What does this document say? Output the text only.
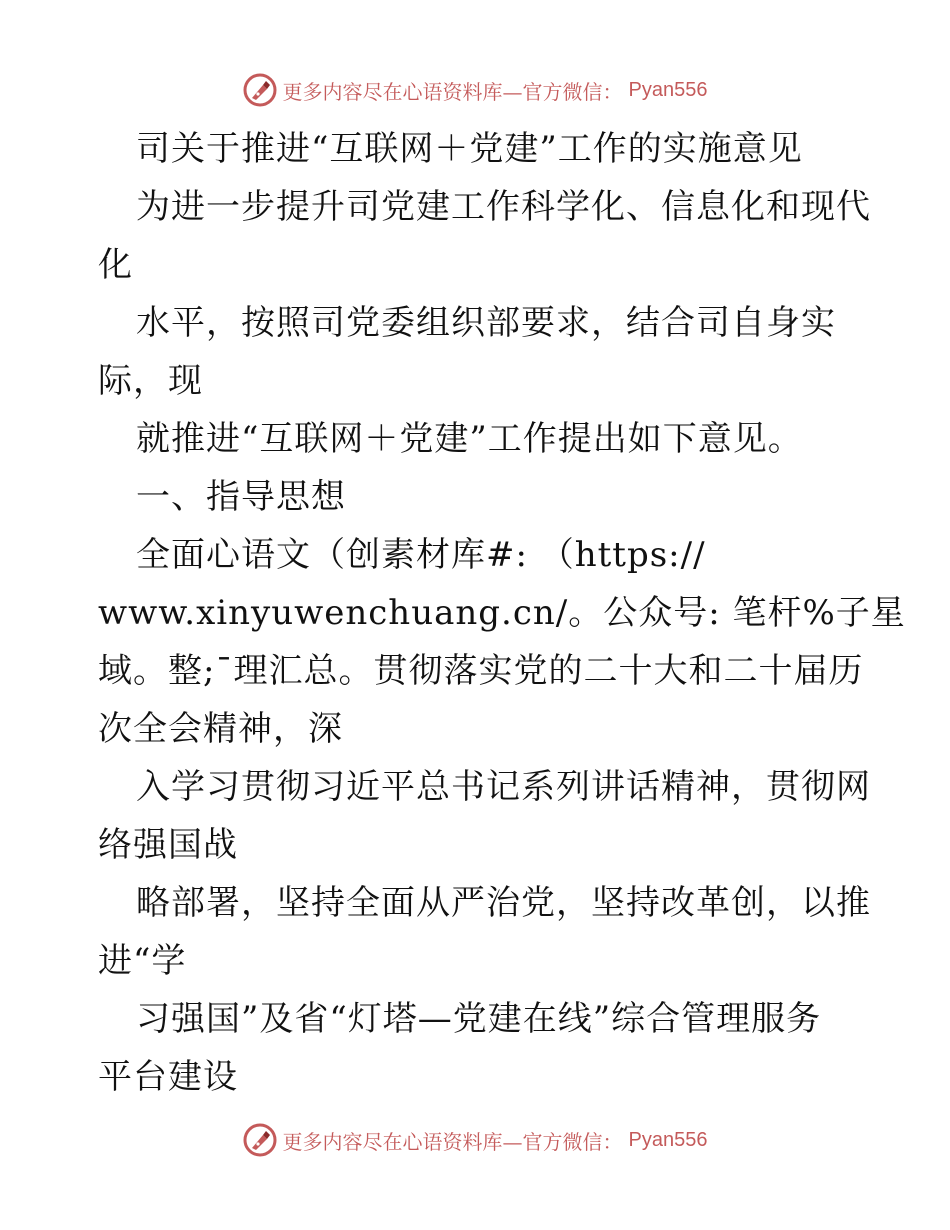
更多内容尽在心语资料库—官方微信： Pyan556
司关于推进“互联网＋党建”工作的实施意见
为进一步提升司党建工作科学化、信息化和现代
化
水平，按照司党委组织部要求，结合司自身实
际，现
就推进“互联网＋党建”工作提出如下意见。
一、指导思想
全面心语文（创素材库#: （https://
www.xinyuwenchuang.cn/。公众号: 笔杆%子星
域。整;¯理汇总。贯彻落实党的二十大和二十届历
次全会精神，深
入学习贯彻习近平总书记系列讲话精神，贯彻网
络强国战
略部署，坚持全面从严治党，坚持改革创，以推
进“学
习强国”及省“灯塔—党建在线”综合管理服务
平台建设
更多内容尽在心语资料库—官方微信： Pyan556
